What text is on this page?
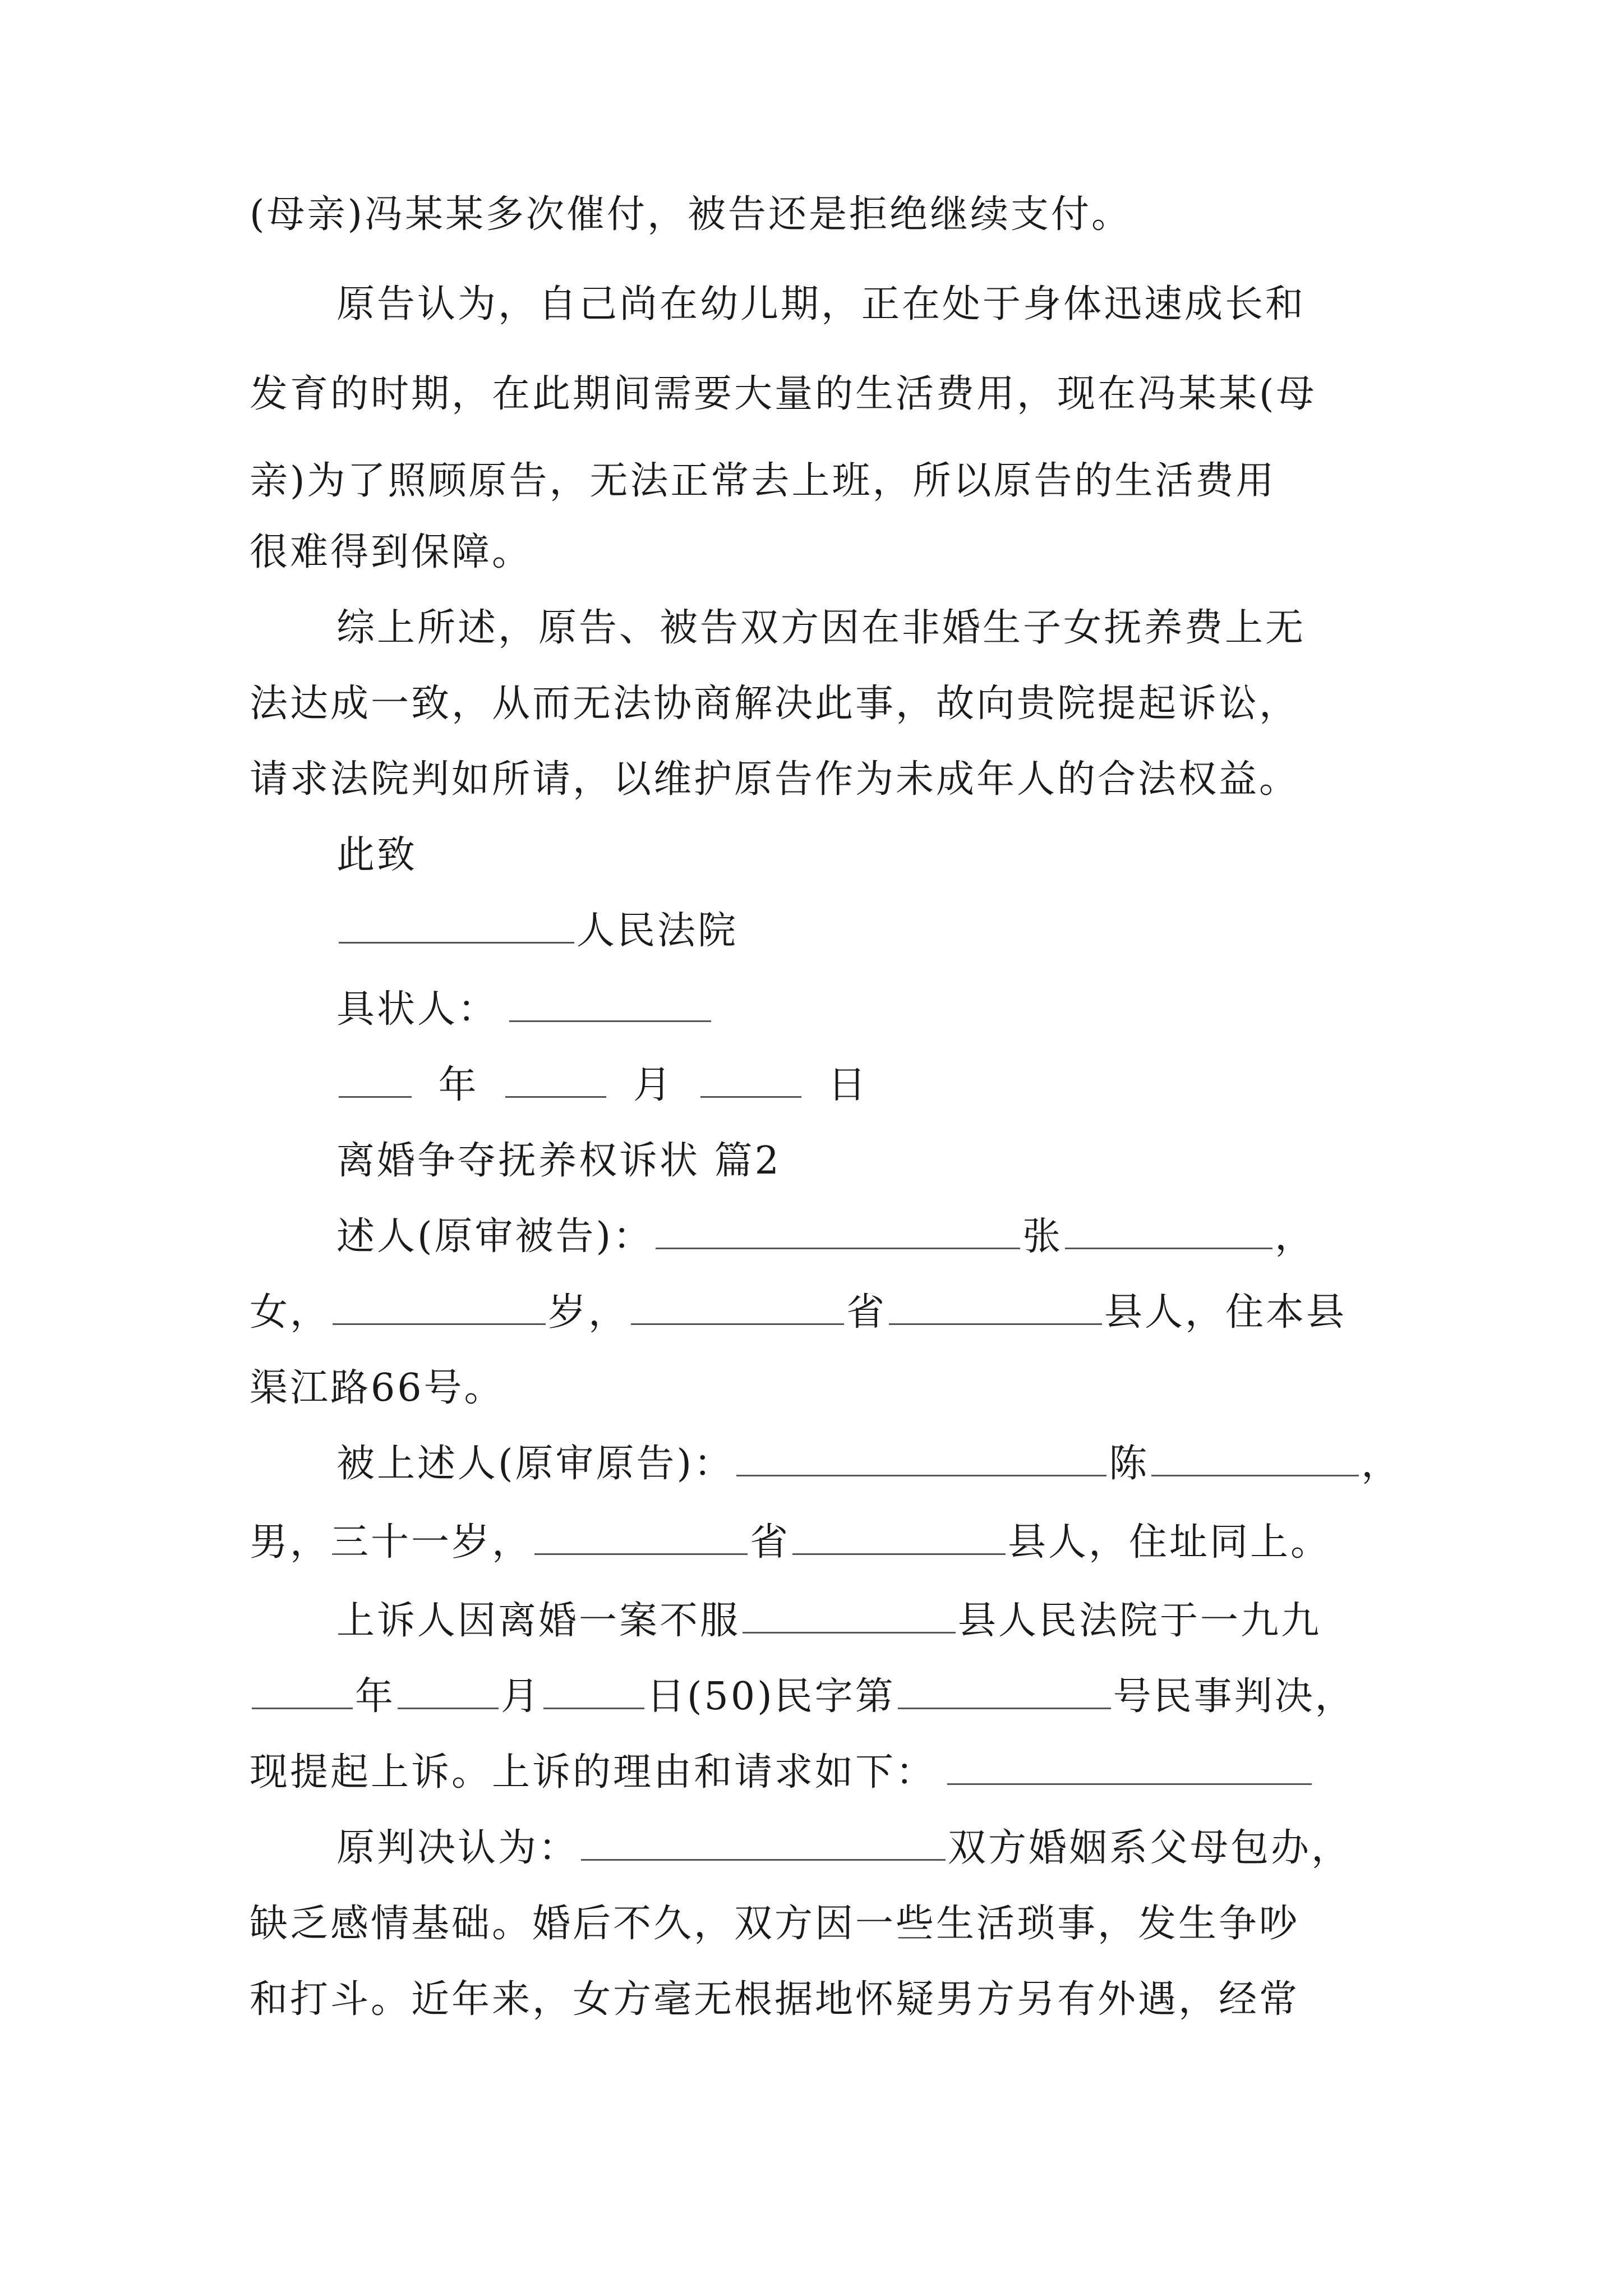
(母亲)冯某某多次催付，被告还是拒绝继续支付。
原告认为，自己尚在幼儿期，正在处于身体迅速成长和
发育的时期，在此期间需要大量的生活费用，现在冯某某(母
亲)为了照顾原告，无法正常去上班，所以原告的生活费用
很难得到保障。
综上所述，原告、被告双方因在非婚生子女抚养费上无
法达成一致，从而无法协商解决此事，故向贵院提起诉讼，
请求法院判如所请，以维护原告作为未成年人的合法权益。
此致
人民法院
具状人：
年	月	日
离婚争夺抚养权诉状 篇2
述人(原审被告)：	张	，
女，	岁，	省	县人，住本县
渠江路66号。
被上述人(原审原告)：	陈	，
男，三十一岁，	省	县人，住址同上。
上诉人因离婚一案不服	县人民法院于一九九
年	月	日(50)民字第	号民事判决，
现提起上诉。上诉的理由和请求如下：
原判决认为：	双方婚姻系父母包办，
缺乏感情基础。婚后不久，双方因一些生活琐事，发生争吵
和打斗。近年来，女方毫无根据地怀疑男方另有外遇，经常
